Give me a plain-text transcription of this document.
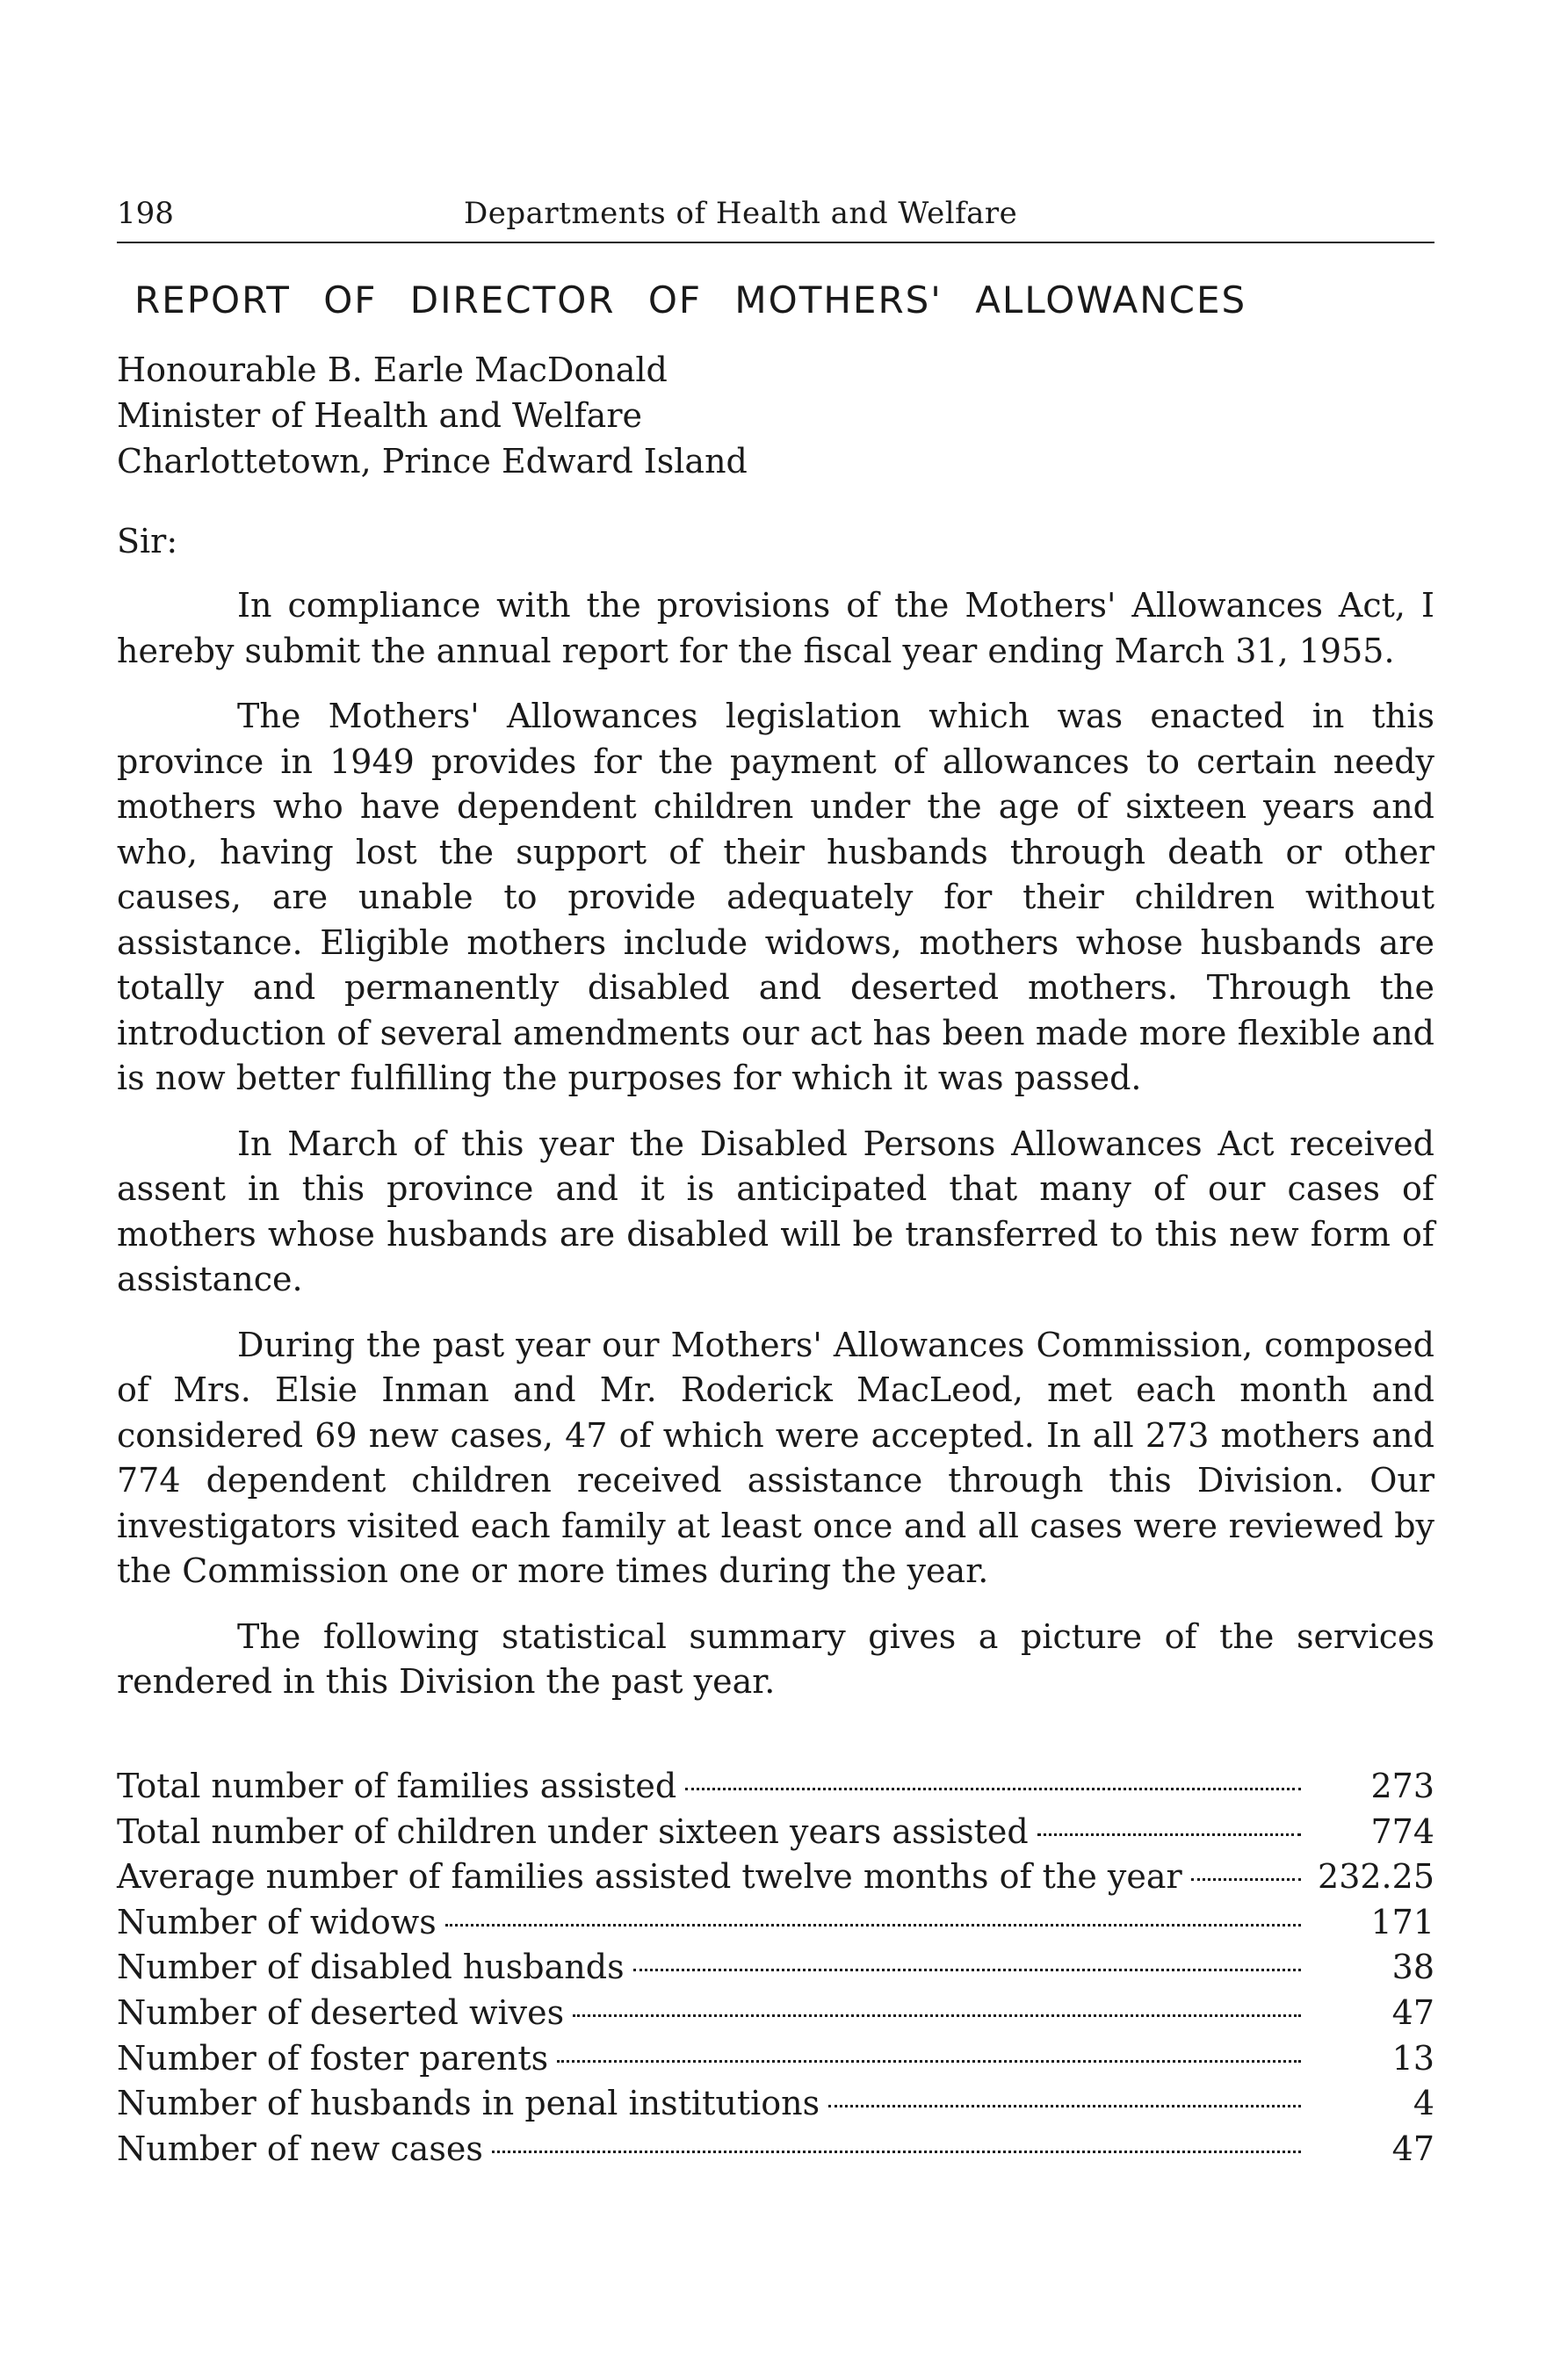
198	Departments of Health and Welfare
REPORT OF DIRECTOR OF MOTHERS' ALLOWANCES
Honourable B. Earle MacDonald
Minister of Health and Welfare
Charlottetown, Prince Edward Island
Sir:

In compliance with the provisions of the Mothers' Allowances Act, I hereby submit the annual report for the fiscal year ending March 31, 1955.

The Mothers' Allowances legislation which was enacted in this province in 1949 provides for the payment of allowances to certain needy mothers who have dependent children under the age of sixteen years and who, having lost the support of their husbands through death or other causes, are unable to provide adequately for their children without assistance. Eligible mothers include widows, mothers whose husbands are totally and permanently disabled and deserted mothers. Through the introduction of several amendments our act has been made more flexible and is now better fulfilling the purposes for which it was passed.

In March of this year the Disabled Persons Allowances Act received assent in this province and it is anticipated that many of our cases of mothers whose husbands are disabled will be transferred to this new form of assistance.

During the past year our Mothers' Allowances Commission, composed of Mrs. Elsie Inman and Mr. Roderick MacLeod, met each month and considered 69 new cases, 47 of which were accepted. In all 273 mothers and 774 dependent children received assistance through this Division. Our investigators visited each family at least once and all cases were reviewed by the Commission one or more times during the year.

The following statistical summary gives a picture of the services rendered in this Division the past year.

Total number of families assisted	273
Total number of children under sixteen years assisted	774
Average number of families assisted twelve months of the year	232.25
Number of widows	171
Number of disabled husbands	38
Number of deserted wives	47
Number of foster parents	13
Number of husbands in penal institutions	4
Number of new cases	47
